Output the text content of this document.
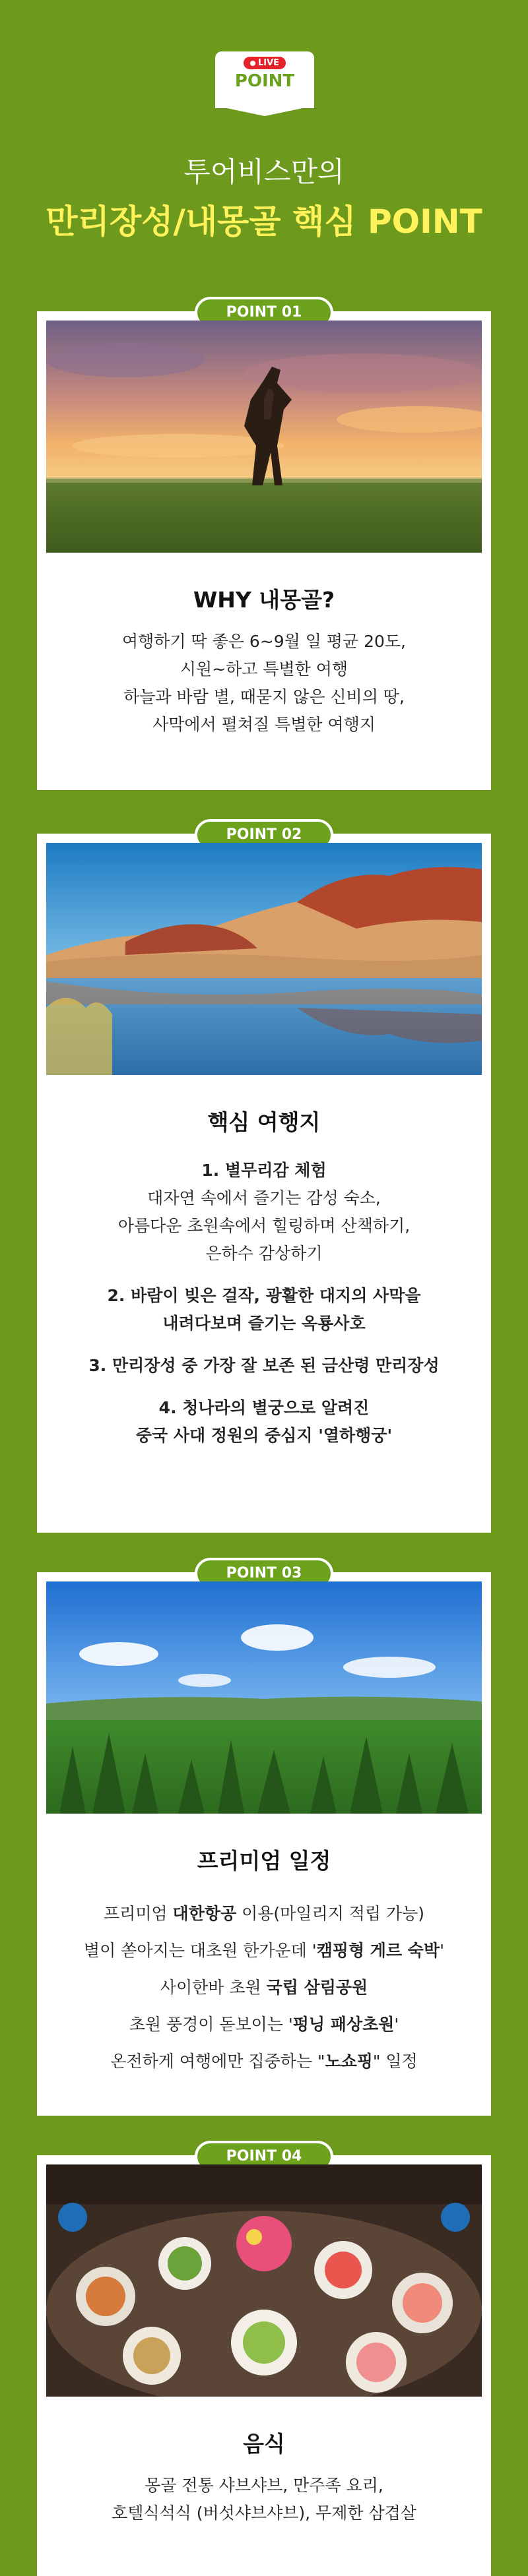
LIVE
POINT
투어비스만의
만리장성/내몽골 핵심 POINT
POINT 01
WHY 내몽골?
여행하기 딱 좋은 6~9월 일 평균 20도,
시원~하고 특별한 여행
하늘과 바람 별, 때묻지 않은 신비의 땅,
사막에서 펼쳐질 특별한 여행지
POINT 02
핵심 여행지
1. 별무리감 체험
대자연 속에서 즐기는 감성 숙소,
아름다운 초원속에서 힐링하며 산책하기,
은하수 감상하기
2. 바람이 빚은 걸작, 광활한 대지의 사막을
내려다보며 즐기는 옥룡사호
3. 만리장성 중 가장 잘 보존 된 금산령 만리장성
4. 청나라의 별궁으로 알려진
중국 사대 정원의 중심지 '열하행궁'
POINT 03
프리미엄 일정
프리미엄 대한항공 이용(마일리지 적립 가능)
별이 쏟아지는 대초원 한가운데 '캠핑형 게르 숙박'
사이한바 초원 국립 삼림공원
초원 풍경이 돋보이는 '펑닝 패상초원'
온전하게 여행에만 집중하는 "노쇼핑" 일정
POINT 04
음식
몽골 전통 샤브샤브, 만주족 요리,
호텔식석식 (버섯샤브샤브), 무제한 삼겹살
